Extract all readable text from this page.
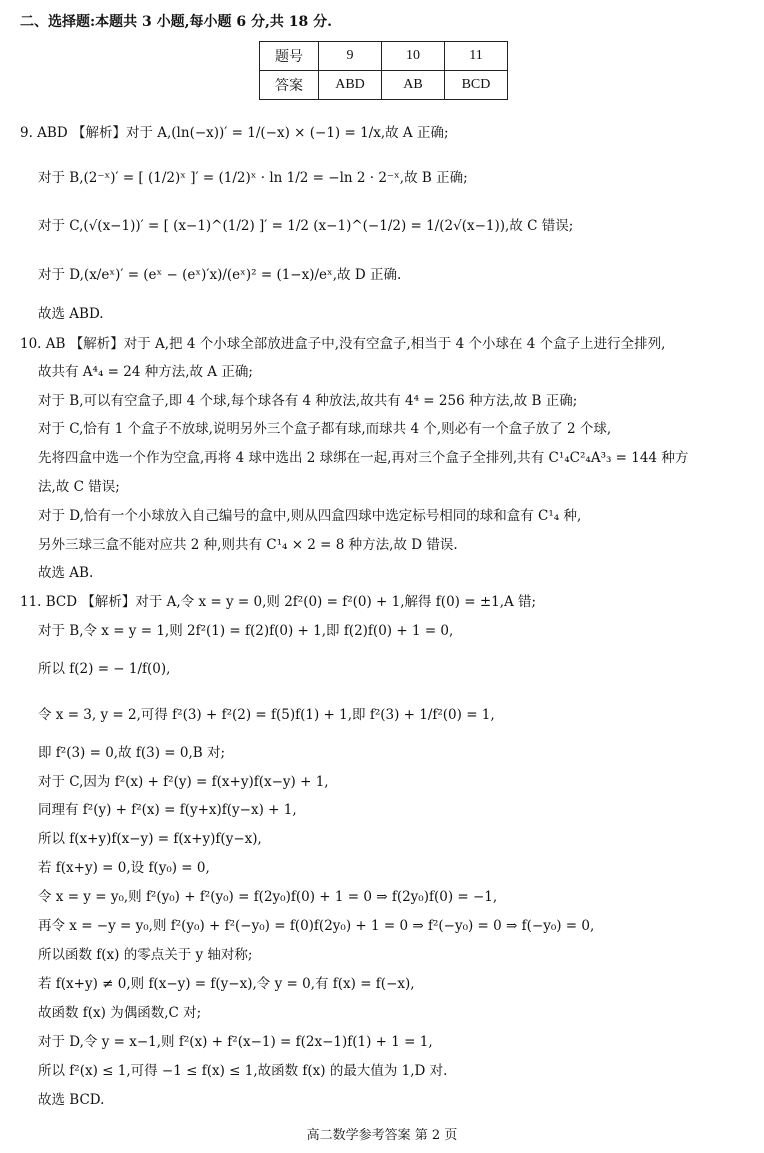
二、选择题:本题共 3 小题,每小题 6 分,共 18 分.
题号	9	10	11
答案	ABD	AB	BCD
9. ABD 【解析】对于 A,(ln(−x))′ = 1/(−x) × (−1) = 1/x,故 A 正确;
对于 B,(2⁻ˣ)′ = [ (1/2)ˣ ]′ = (1/2)ˣ · ln 1/2 = −ln 2 · 2⁻ˣ,故 B 正确;
对于 C,(√(x−1))′ = [ (x−1)^(1/2) ]′ = 1/2 (x−1)^(−1/2) = 1/(2√(x−1)),故 C 错误;
对于 D,(x/eˣ)′ = (eˣ − (eˣ)′x)/(eˣ)² = (1−x)/eˣ,故 D 正确.
故选 ABD.
10. AB 【解析】对于 A,把 4 个小球全部放进盒子中,没有空盒子,相当于 4 个小球在 4 个盒子上进行全排列,
故共有 A⁴₄ = 24 种方法,故 A 正确;
对于 B,可以有空盒子,即 4 个球,每个球各有 4 种放法,故共有 4⁴ = 256 种方法,故 B 正确;
对于 C,恰有 1 个盒子不放球,说明另外三个盒子都有球,而球共 4 个,则必有一个盒子放了 2 个球,
先将四盒中选一个作为空盒,再将 4 球中选出 2 球绑在一起,再对三个盒子全排列,共有 C¹₄C²₄A³₃ = 144 种方
法,故 C 错误;
对于 D,恰有一个小球放入自己编号的盒中,则从四盒四球中选定标号相同的球和盒有 C¹₄ 种,
另外三球三盒不能对应共 2 种,则共有 C¹₄ × 2 = 8 种方法,故 D 错误.
故选 AB.
11. BCD 【解析】对于 A,令 x = y = 0,则 2f²(0) = f²(0) + 1,解得 f(0) = ±1,A 错;
对于 B,令 x = y = 1,则 2f²(1) = f(2)f(0) + 1,即 f(2)f(0) + 1 = 0,
所以 f(2) = − 1/f(0),
令 x = 3, y = 2,可得 f²(3) + f²(2) = f(5)f(1) + 1,即 f²(3) + 1/f²(0) = 1,
即 f²(3) = 0,故 f(3) = 0,B 对;
对于 C,因为 f²(x) + f²(y) = f(x+y)f(x−y) + 1,
同理有 f²(y) + f²(x) = f(y+x)f(y−x) + 1,
所以 f(x+y)f(x−y) = f(x+y)f(y−x),
若 f(x+y) = 0,设 f(y₀) = 0,
令 x = y = y₀,则 f²(y₀) + f²(y₀) = f(2y₀)f(0) + 1 = 0 ⇒ f(2y₀)f(0) = −1,
再令 x = −y = y₀,则 f²(y₀) + f²(−y₀) = f(0)f(2y₀) + 1 = 0 ⇒ f²(−y₀) = 0 ⇒ f(−y₀) = 0,
所以函数 f(x) 的零点关于 y 轴对称;
若 f(x+y) ≠ 0,则 f(x−y) = f(y−x),令 y = 0,有 f(x) = f(−x),
故函数 f(x) 为偶函数,C 对;
对于 D,令 y = x−1,则 f²(x) + f²(x−1) = f(2x−1)f(1) + 1 = 1,
所以 f²(x) ≤ 1,可得 −1 ≤ f(x) ≤ 1,故函数 f(x) 的最大值为 1,D 对.
故选 BCD.
高二数学参考答案 第 2 页
